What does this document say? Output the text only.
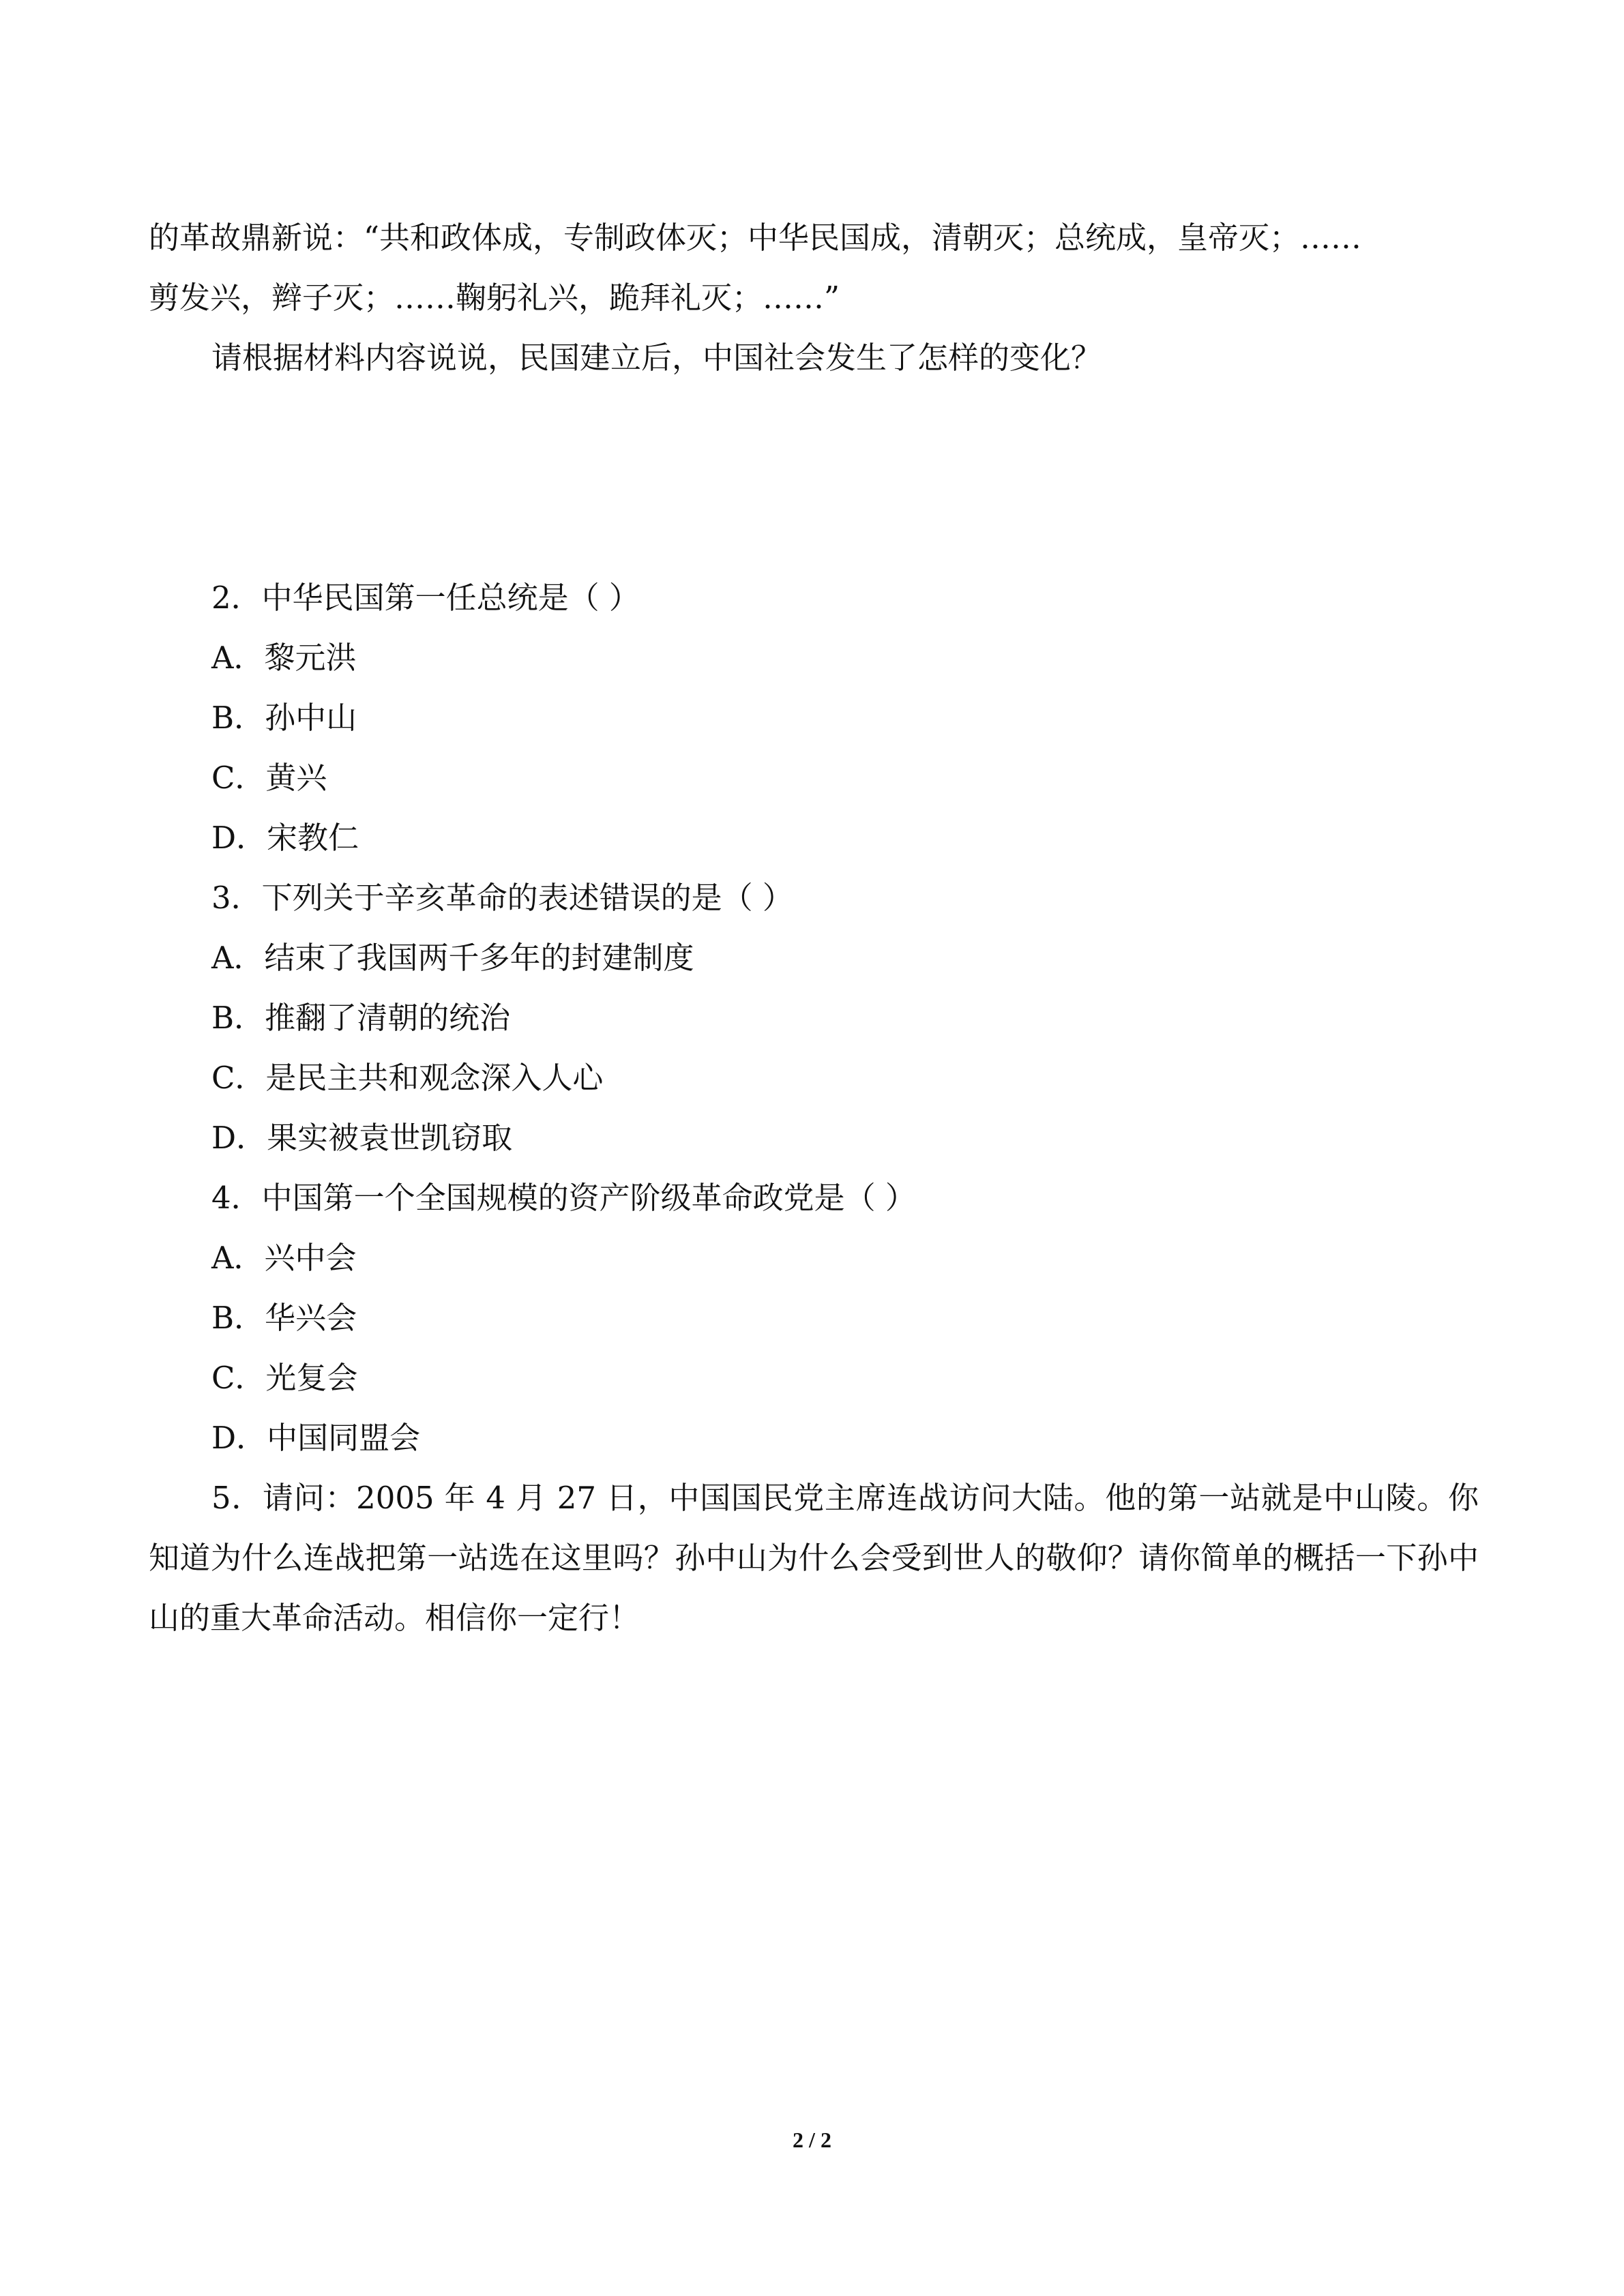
的革故鼎新说：“共和政体成，专制政体灭；中华民国成，清朝灭；总统成，皇帝灭；……

剪发兴，辫子灭；……鞠躬礼兴，跪拜礼灭；……”

请根据材料内容说说，民国建立后，中国社会发生了怎样的变化？

2．中华民国第一任总统是（ ）

A．黎元洪

B．孙中山

C．黄兴

D．宋教仁

3．下列关于辛亥革命的表述错误的是（ ）

A．结束了我国两千多年的封建制度

B．推翻了清朝的统治

C．是民主共和观念深入人心

D．果实被袁世凯窃取

4．中国第一个全国规模的资产阶级革命政党是（ ）

A．兴中会

B．华兴会

C．光复会

D．中国同盟会

5．请问：2005 年 4 月 27 日，中国国民党主席连战访问大陆。他的第一站就是中山陵。你知道为什么连战把第一站选在这里吗？孙中山为什么会受到世人的敬仰？请你简单的概括一下孙中山的重大革命活动。相信你一定行！

2 / 2
